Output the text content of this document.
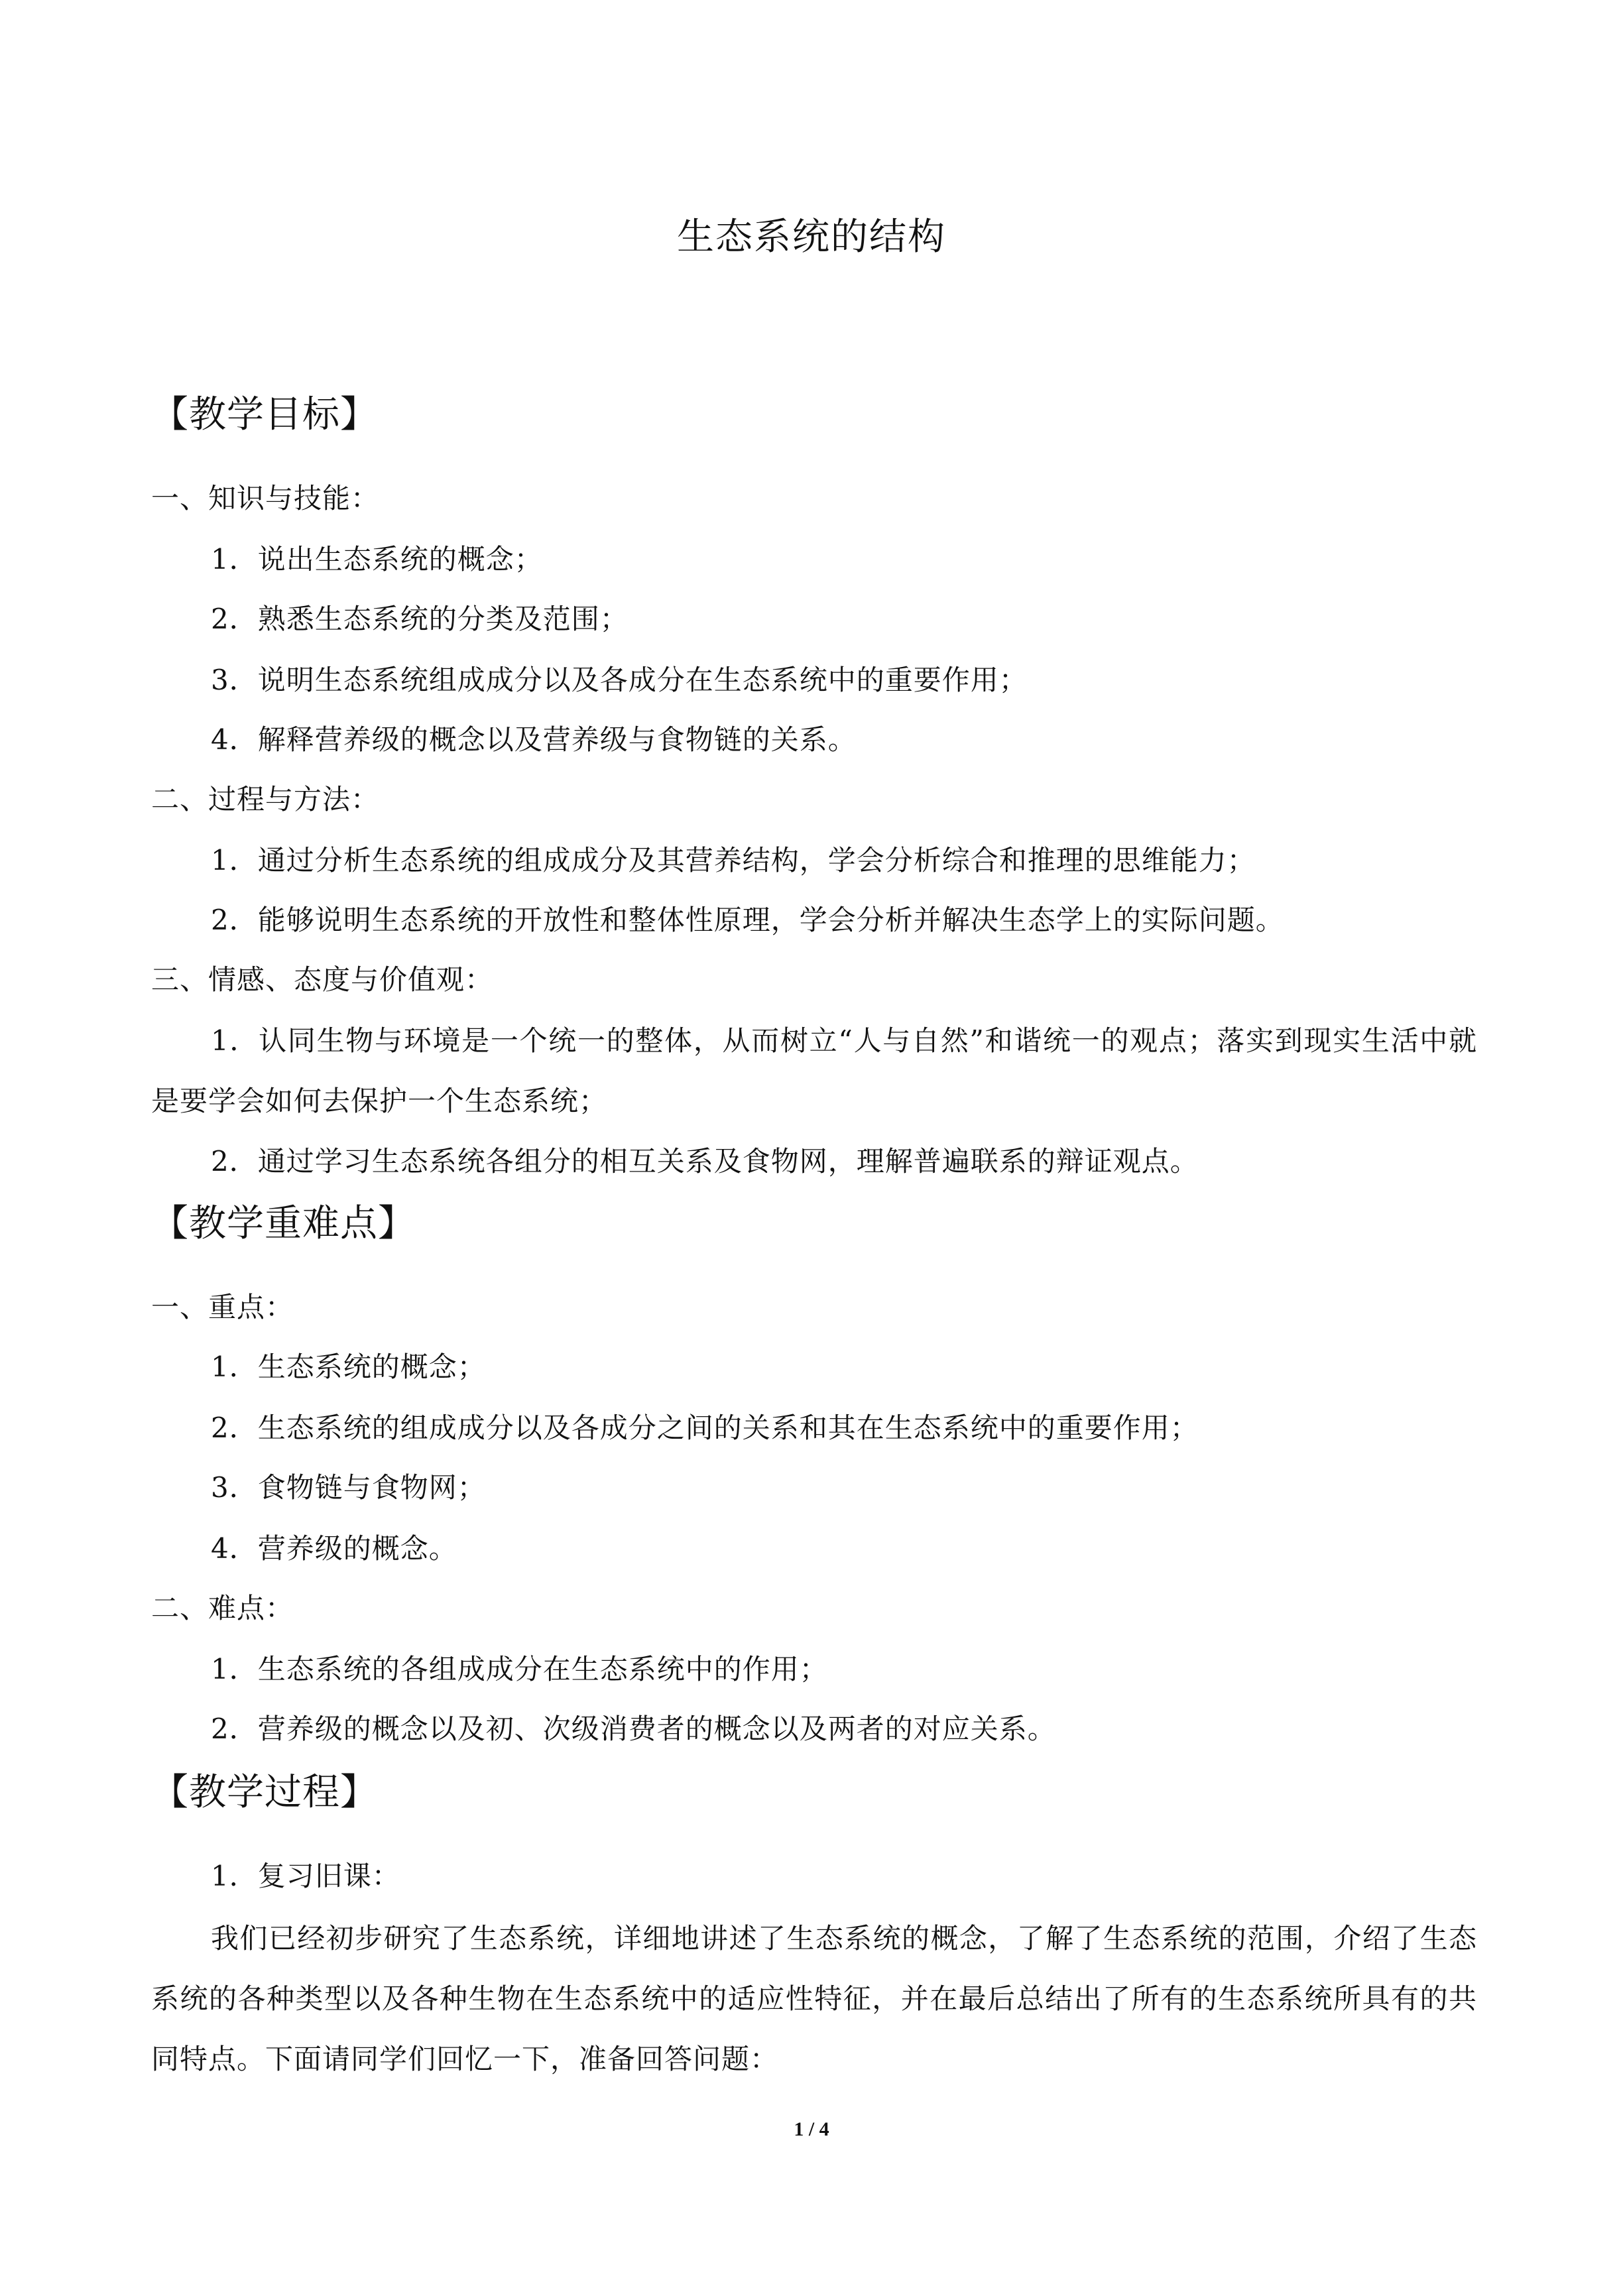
生态系统的结构
【教学目标】
一、知识与技能：
1．说出生态系统的概念；
2．熟悉生态系统的分类及范围；
3．说明生态系统组成成分以及各成分在生态系统中的重要作用；
4．解释营养级的概念以及营养级与食物链的关系。
二、过程与方法：
1．通过分析生态系统的组成成分及其营养结构，学会分析综合和推理的思维能力；
2．能够说明生态系统的开放性和整体性原理，学会分析并解决生态学上的实际问题。
三、情感、态度与价值观：
1．认同生物与环境是一个统一的整体，从而树立“人与自然”和谐统一的观点；落实到现实生活中就是要学会如何去保护一个生态系统；
2．通过学习生态系统各组分的相互关系及食物网，理解普遍联系的辩证观点。
【教学重难点】
一、重点：
1．生态系统的概念；
2．生态系统的组成成分以及各成分之间的关系和其在生态系统中的重要作用；
3．食物链与食物网；
4．营养级的概念。
二、难点：
1．生态系统的各组成成分在生态系统中的作用；
2．营养级的概念以及初、次级消费者的概念以及两者的对应关系。
【教学过程】
1．复习旧课：
我们已经初步研究了生态系统，详细地讲述了生态系统的概念，了解了生态系统的范围，介绍了生态系统的各种类型以及各种生物在生态系统中的适应性特征，并在最后总结出了所有的生态系统所具有的共同特点。下面请同学们回忆一下，准备回答问题：
1 / 4
